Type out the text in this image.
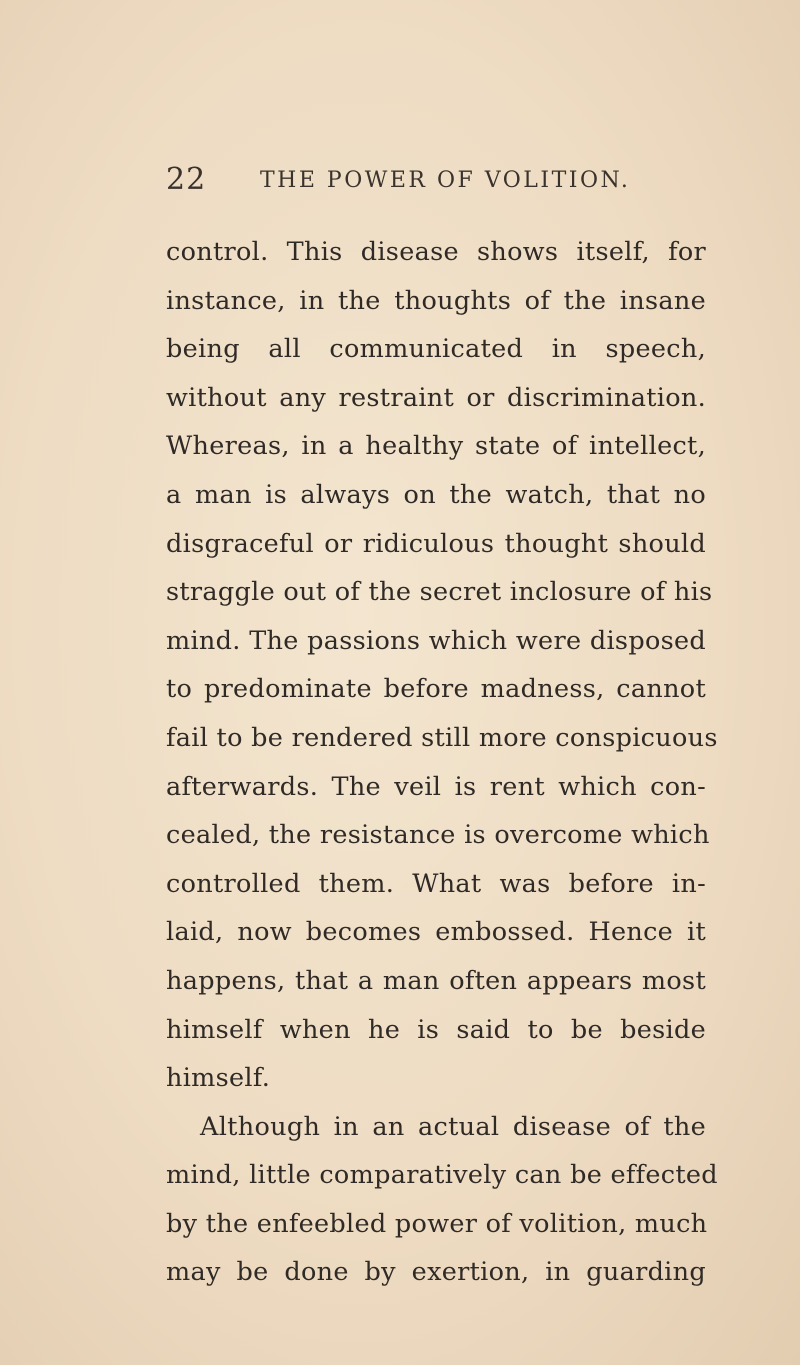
22 THE POWER OF VOLITION.
control. This disease shows itself, for
instance, in the thoughts of the insane
being all communicated in speech,
without any restraint or discrimination.
Whereas, in a healthy state of intellect,
a man is always on the watch, that no
disgraceful or ridiculous thought should
straggle out of the secret inclosure of his
mind. The passions which were disposed
to predominate before madness, cannot
fail to be rendered still more conspicuous
afterwards. The veil is rent which con-
cealed, the resistance is overcome which
controlled them. What was before in-
laid, now becomes embossed. Hence it
happens, that a man often appears most
himself when he is said to be beside
himself.
Although in an actual disease of the
mind, little comparatively can be effected
by the enfeebled power of volition, much
may be done by exertion, in guarding
